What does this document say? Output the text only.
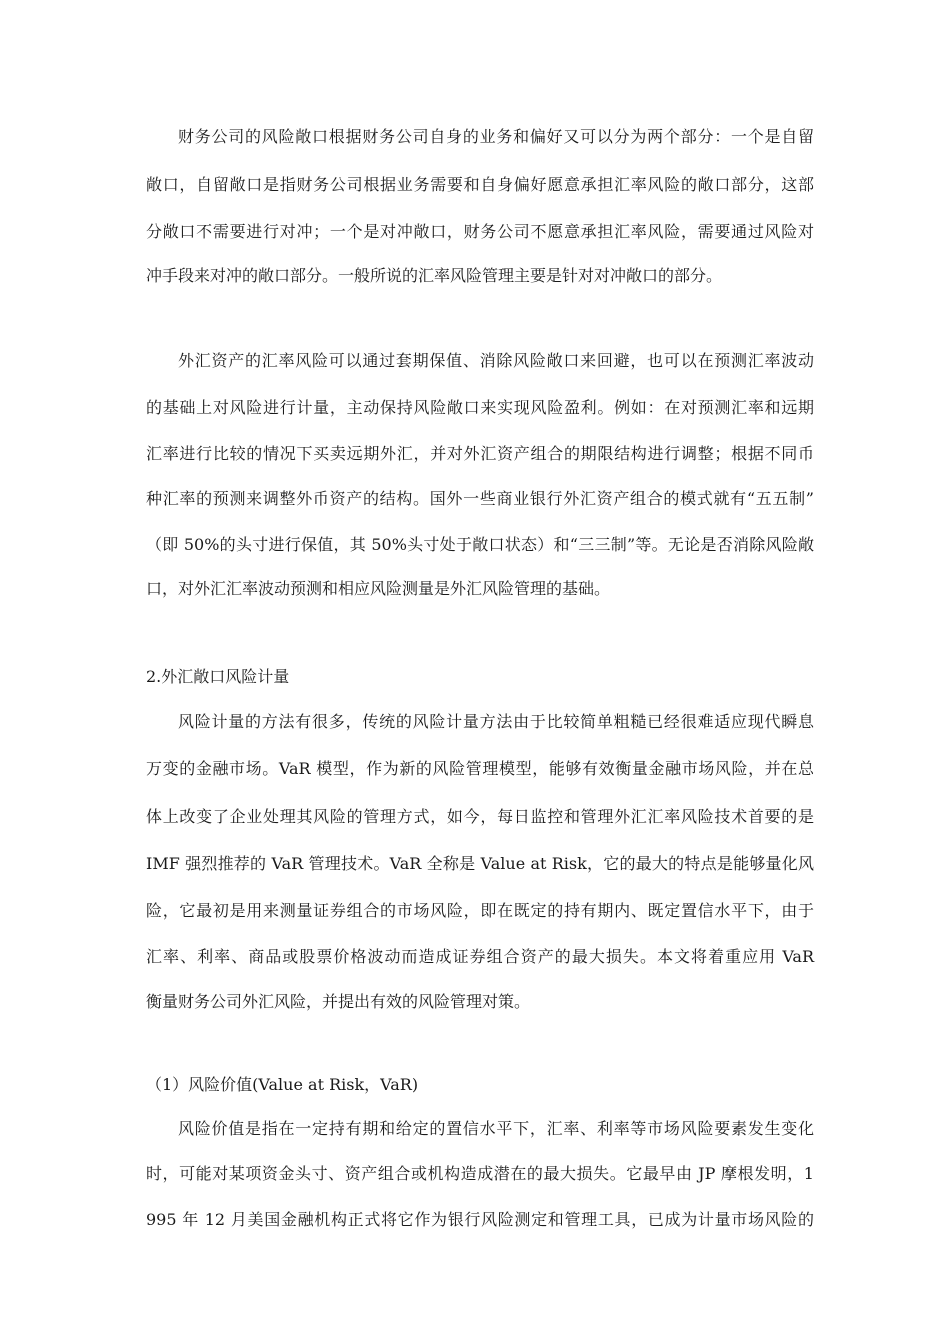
财务公司的风险敞口根据财务公司自身的业务和偏好又可以分为两个部分：一个是自留
敞口，自留敞口是指财务公司根据业务需要和自身偏好愿意承担汇率风险的敞口部分，这部
分敞口不需要进行对冲；一个是对冲敞口，财务公司不愿意承担汇率风险，需要通过风险对
冲手段来对冲的敞口部分。一般所说的汇率风险管理主要是针对对冲敞口的部分。
外汇资产的汇率风险可以通过套期保值、消除风险敞口来回避，也可以在预测汇率波动
的基础上对风险进行计量，主动保持风险敞口来实现风险盈利。例如：在对预测汇率和远期
汇率进行比较的情况下买卖远期外汇，并对外汇资产组合的期限结构进行调整；根据不同币
种汇率的预测来调整外币资产的结构。国外一些商业银行外汇资产组合的模式就有“五五制”
（即 50%的头寸进行保值，其 50%头寸处于敞口状态）和“三三制”等。无论是否消除风险敞
口，对外汇汇率波动预测和相应风险测量是外汇风险管理的基础。
2.外汇敞口风险计量
风险计量的方法有很多，传统的风险计量方法由于比较简单粗糙已经很难适应现代瞬息
万变的金融市场。VaR 模型，作为新的风险管理模型，能够有效衡量金融市场风险，并在总
体上改变了企业处理其风险的管理方式，如今，每日监控和管理外汇汇率风险技术首要的是
IMF 强烈推荐的 VaR 管理技术。VaR 全称是 Value at Risk，它的最大的特点是能够量化风
险，它最初是用来测量证券组合的市场风险，即在既定的持有期内、既定置信水平下，由于
汇率、利率、商品或股票价格波动而造成证券组合资产的最大损失。本文将着重应用 VaR
衡量财务公司外汇风险，并提出有效的风险管理对策。
（1）风险价值(Value at Risk，VaR)
风险价值是指在一定持有期和给定的置信水平下，汇率、利率等市场风险要素发生变化
时，可能对某项资金头寸、资产组合或机构造成潜在的最大损失。它最早由 JP 摩根发明，1
995 年 12 月美国金融机构正式将它作为银行风险测定和管理工具，已成为计量市场风险的
